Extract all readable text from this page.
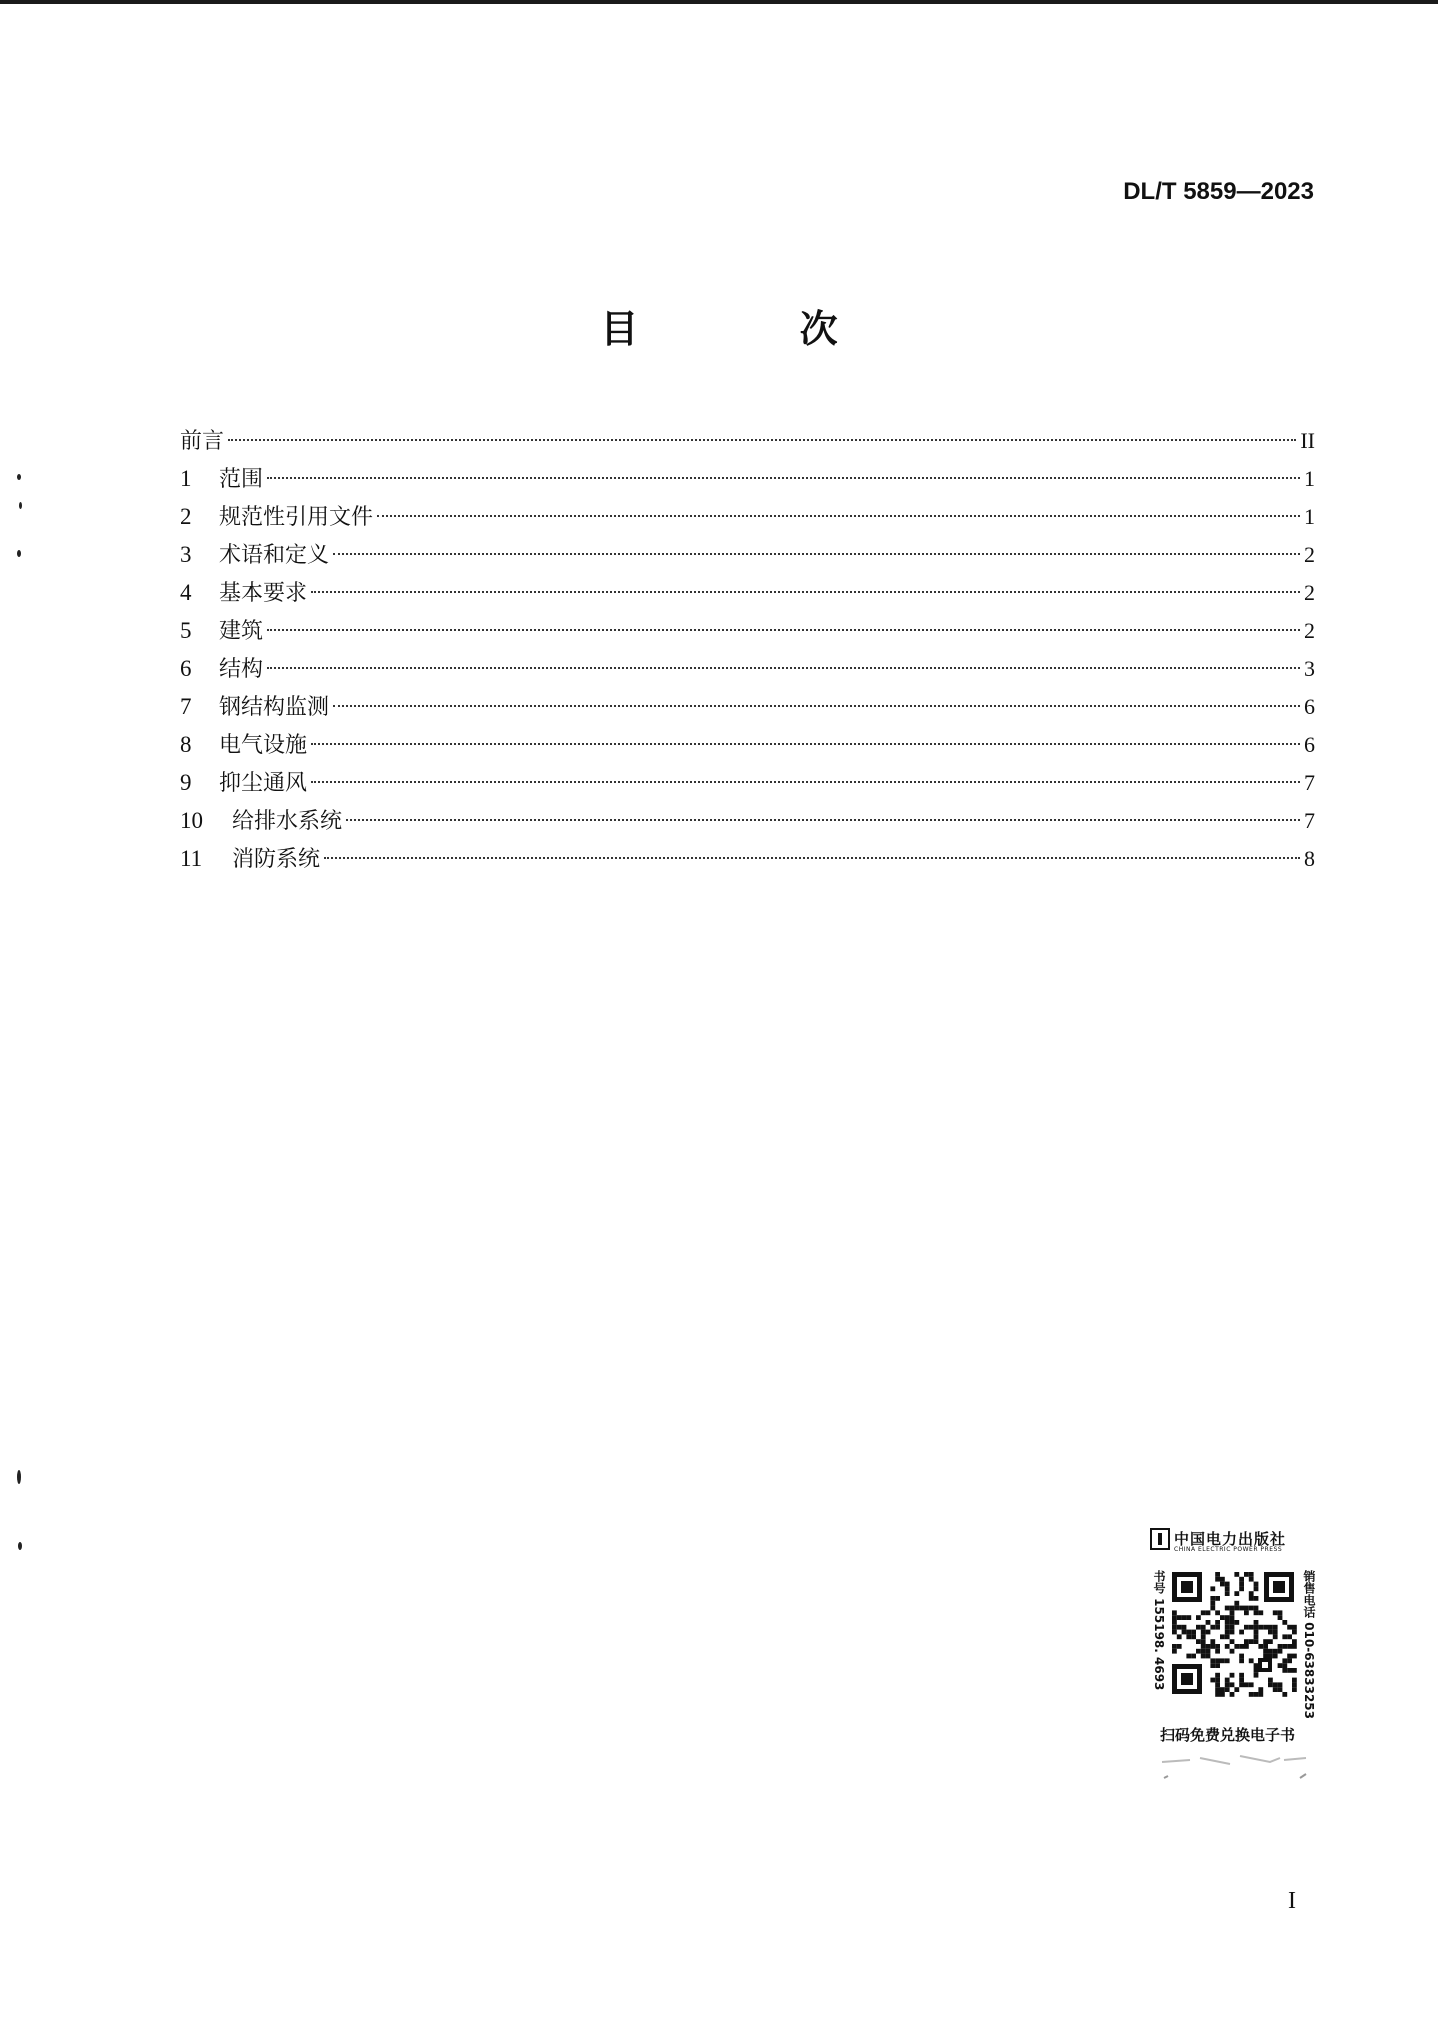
DL/T 5859—2023
目 次
前言	II
1	范围	1
2	规范性引用文件	1
3	术语和定义	2
4	基本要求	2
5	建筑	2
6	结构	3
7	钢结构监测	6
8	电气设施	6
9	抑尘通风	7
10	给排水系统	7
11	消防系统	8
中国电力出版社
CHINA ELECTRIC POWER PRESS
书号 155198. 4693	销售电话 010-63833253
扫码免费兑换电子书
I
